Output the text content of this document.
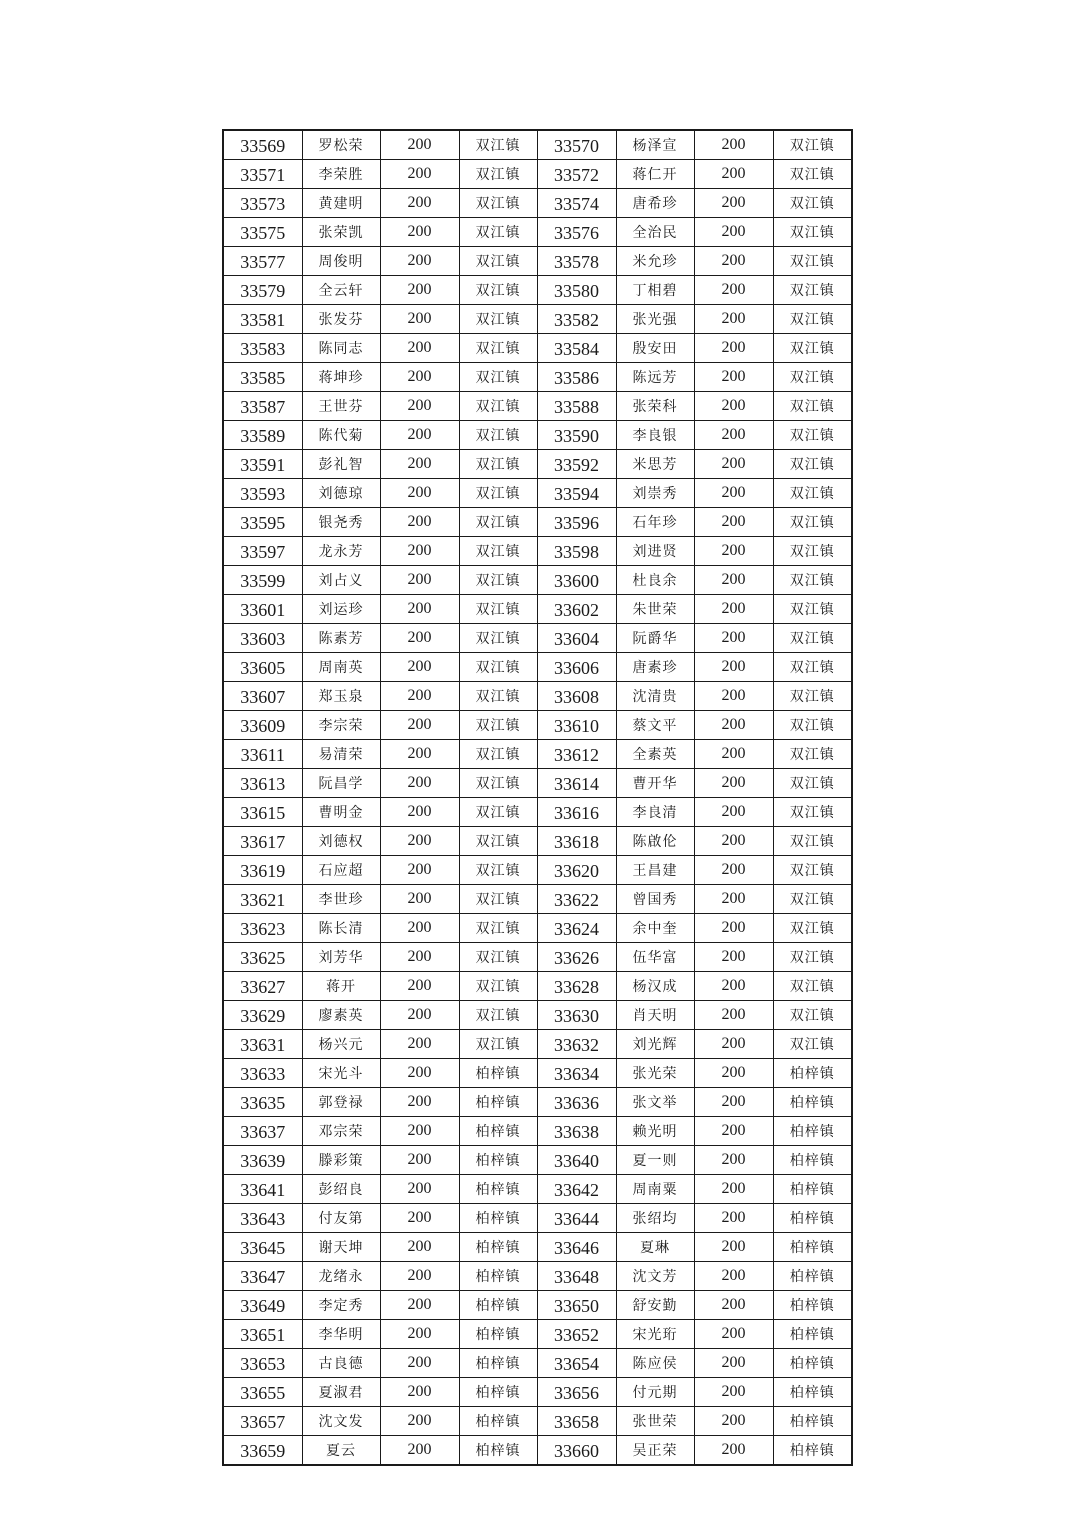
33569	罗松荣	200	双江镇	33570	杨泽宣	200	双江镇
33571	李荣胜	200	双江镇	33572	蒋仁开	200	双江镇
33573	黄建明	200	双江镇	33574	唐希珍	200	双江镇
33575	张荣凯	200	双江镇	33576	全治民	200	双江镇
33577	周俊明	200	双江镇	33578	米允珍	200	双江镇
33579	全云轩	200	双江镇	33580	丁相碧	200	双江镇
33581	张发芬	200	双江镇	33582	张光强	200	双江镇
33583	陈同志	200	双江镇	33584	殷安田	200	双江镇
33585	蒋坤珍	200	双江镇	33586	陈远芳	200	双江镇
33587	王世芬	200	双江镇	33588	张荣科	200	双江镇
33589	陈代菊	200	双江镇	33590	李良银	200	双江镇
33591	彭礼智	200	双江镇	33592	米思芳	200	双江镇
33593	刘德琼	200	双江镇	33594	刘崇秀	200	双江镇
33595	银尧秀	200	双江镇	33596	石年珍	200	双江镇
33597	龙永芳	200	双江镇	33598	刘进贤	200	双江镇
33599	刘占义	200	双江镇	33600	杜良余	200	双江镇
33601	刘运珍	200	双江镇	33602	朱世荣	200	双江镇
33603	陈素芳	200	双江镇	33604	阮爵华	200	双江镇
33605	周南英	200	双江镇	33606	唐素珍	200	双江镇
33607	郑玉泉	200	双江镇	33608	沈清贵	200	双江镇
33609	李宗荣	200	双江镇	33610	蔡文平	200	双江镇
33611	易清荣	200	双江镇	33612	全素英	200	双江镇
33613	阮昌学	200	双江镇	33614	曹开华	200	双江镇
33615	曹明金	200	双江镇	33616	李良清	200	双江镇
33617	刘德权	200	双江镇	33618	陈啟伦	200	双江镇
33619	石应超	200	双江镇	33620	王昌建	200	双江镇
33621	李世珍	200	双江镇	33622	曾国秀	200	双江镇
33623	陈长清	200	双江镇	33624	余中奎	200	双江镇
33625	刘芳华	200	双江镇	33626	伍华富	200	双江镇
33627	蒋开	200	双江镇	33628	杨汉成	200	双江镇
33629	廖素英	200	双江镇	33630	肖天明	200	双江镇
33631	杨兴元	200	双江镇	33632	刘光辉	200	双江镇
33633	宋光斗	200	柏梓镇	33634	张光荣	200	柏梓镇
33635	郭登禄	200	柏梓镇	33636	张文举	200	柏梓镇
33637	邓宗荣	200	柏梓镇	33638	赖光明	200	柏梓镇
33639	滕彩策	200	柏梓镇	33640	夏一则	200	柏梓镇
33641	彭绍良	200	柏梓镇	33642	周南粟	200	柏梓镇
33643	付友第	200	柏梓镇	33644	张绍均	200	柏梓镇
33645	谢天坤	200	柏梓镇	33646	夏琳	200	柏梓镇
33647	龙绪永	200	柏梓镇	33648	沈文芳	200	柏梓镇
33649	李定秀	200	柏梓镇	33650	舒安勤	200	柏梓镇
33651	李华明	200	柏梓镇	33652	宋光珩	200	柏梓镇
33653	古良德	200	柏梓镇	33654	陈应侯	200	柏梓镇
33655	夏淑君	200	柏梓镇	33656	付元期	200	柏梓镇
33657	沈文发	200	柏梓镇	33658	张世荣	200	柏梓镇
33659	夏云	200	柏梓镇	33660	吴正荣	200	柏梓镇
